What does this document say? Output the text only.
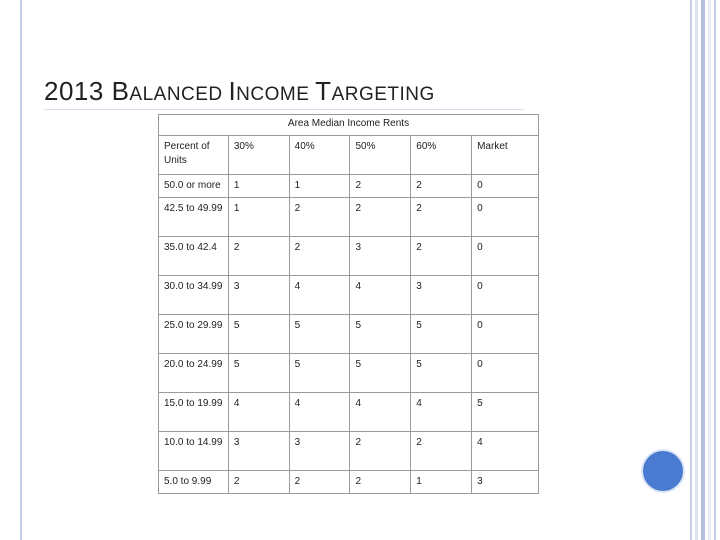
2013 BALANCED INCOME TARGETING
Area Median Income Rents					
Percent of Units	30%	40%	50%	60%	Market
50.0 or more	1	1	2	2	0
42.5 to 49.99	1	2	2	2	0
35.0 to 42.4	2	2	3	2	0
30.0 to 34.99	3	4	4	3	0
25.0 to 29.99	5	5	5	5	0
20.0 to 24.99	5	5	5	5	0
15.0 to 19.99	4	4	4	4	5
10.0 to 14.99	3	3	2	2	4
5.0 to 9.99	2	2	2	1	3
